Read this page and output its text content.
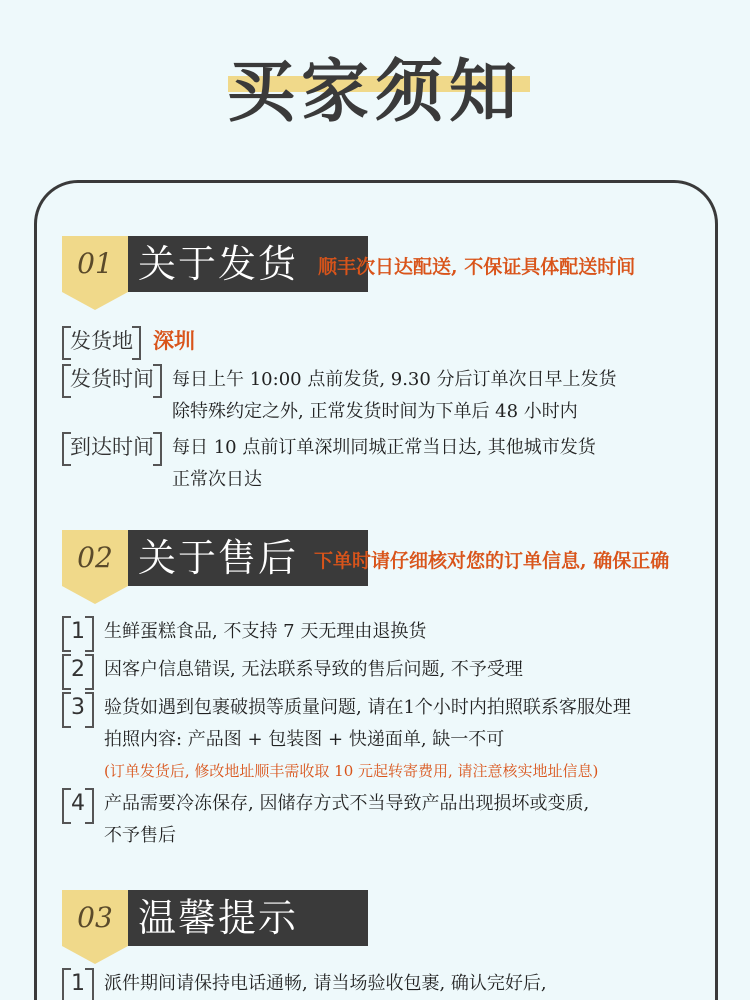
买家须知
01 关于发货 顺丰次日达配送, 不保证具体配送时间
发货地 深圳
发货时间	每日上午 10:00 点前发货, 9.30 分后订单次日早上发货
除特殊约定之外, 正常发货时间为下单后 48 小时内
到达时间	每日 10 点前订单深圳同城正常当日达, 其他城市发货
正常次日达
02 关于售后 下单时请仔细核对您的订单信息, 确保正确
1	生鲜蛋糕食品, 不支持 7 天无理由退换货
2	因客户信息错误, 无法联系导致的售后问题, 不予受理
3	验货如遇到包裹破损等质量问题, 请在1个小时内拍照联系客服处理
拍照内容: 产品图 + 包装图 + 快递面单, 缺一不可
(订单发货后, 修改地址顺丰需收取 10 元起转寄费用, 请注意核实地址信息)
4	产品需要冷冻保存, 因储存方式不当导致产品出现损坏或变质,
不予售后
03 温馨提示
1	派件期间请保持电话通畅, 请当场验收包裹, 确认完好后,
